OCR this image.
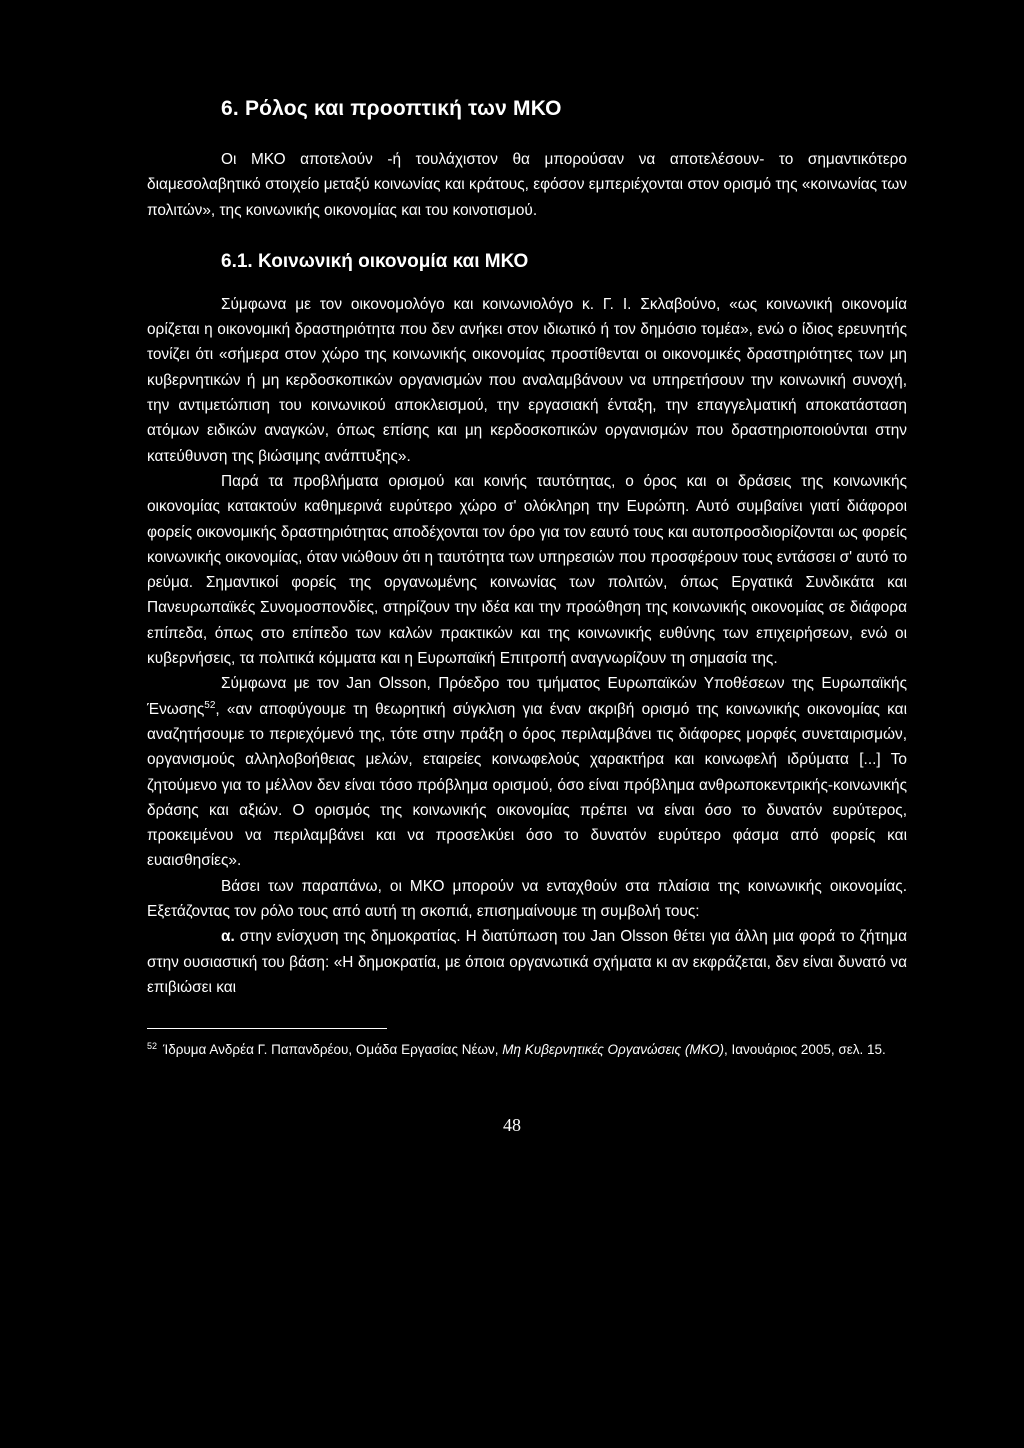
6. Ρόλος και προοπτική των ΜΚΟ

Οι ΜΚΟ αποτελούν -ή τουλάχιστον θα μπορούσαν να αποτελέσουν- το σημαντικότερο διαμεσολαβητικό στοιχείο μεταξύ κοινωνίας και κράτους, εφόσον εμπεριέχονται στον ορισμό της «κοινωνίας των πολιτών», της κοινωνικής οικονομίας και του κοινοτισμού.

6.1. Κοινωνική οικονομία και ΜΚΟ

Σύμφωνα με τον οικονομολόγο και κοινωνιολόγο κ. Γ. Ι. Σκλαβούνο, «ως κοινωνική οικονομία ορίζεται η οικονομική δραστηριότητα που δεν ανήκει στον ιδιωτικό ή τον δημόσιο τομέα», ενώ ο ίδιος ερευνητής τονίζει ότι «σήμερα στον χώρο της κοινωνικής οικονομίας προστίθενται οι οικονομικές δραστηριότητες των μη κυβερνητικών ή μη κερδοσκοπικών οργανισμών που αναλαμβάνουν να υπηρετήσουν την κοινωνική συνοχή, την αντιμετώπιση του κοινωνικού αποκλεισμού, την εργασιακή ένταξη, την επαγγελματική αποκατάσταση ατόμων ειδικών αναγκών, όπως επίσης και μη κερδοσκοπικών οργανισμών που δραστηριοποιούνται στην κατεύθυνση της βιώσιμης ανάπτυξης».

Παρά τα προβλήματα ορισμού και κοινής ταυτότητας, ο όρος και οι δράσεις της κοινωνικής οικονομίας κατακτούν καθημερινά ευρύτερο χώρο σ' ολόκληρη την Ευρώπη. Αυτό συμβαίνει γιατί διάφοροι φορείς οικονομικής δραστηριότητας αποδέχονται τον όρο για τον εαυτό τους και αυτοπροσδιορίζονται ως φορείς κοινωνικής οικονομίας, όταν νιώθουν ότι η ταυτότητα των υπηρεσιών που προσφέρουν τους εντάσσει σ' αυτό το ρεύμα. Σημαντικοί φορείς της οργανωμένης κοινωνίας των πολιτών, όπως Εργατικά Συνδικάτα και Πανευρωπαϊκές Συνομοσπονδίες, στηρίζουν την ιδέα και την προώθηση της κοινωνικής οικονομίας σε διάφορα επίπεδα, όπως στο επίπεδο των καλών πρακτικών και της κοινωνικής ευθύνης των επιχειρήσεων, ενώ οι κυβερνήσεις, τα πολιτικά κόμματα και η Ευρωπαϊκή Επιτροπή αναγνωρίζουν τη σημασία της.

Σύμφωνα με τον Jan Olsson, Πρόεδρο του τμήματος Ευρωπαϊκών Υποθέσεων της Ευρωπαϊκής Ένωσης$^{52}$, «αν αποφύγουμε τη θεωρητική σύγκλιση για έναν ακριβή ορισμό της κοινωνικής οικονομίας και αναζητήσουμε το περιεχόμενό της, τότε στην πράξη ο όρος περιλαμβάνει τις διάφορες μορφές συνεταιρισμών, οργανισμούς αλληλοβοήθειας μελών, εταιρείες κοινωφελούς χαρακτήρα και κοινωφελή ιδρύματα [...] Το ζητούμενο για το μέλλον δεν είναι τόσο πρόβλημα ορισμού, όσο είναι πρόβλημα ανθρωποκεντρικής-κοινωνικής δράσης και αξιών. Ο ορισμός της κοινωνικής οικονομίας πρέπει να είναι όσο το δυνατόν ευρύτερος, προκειμένου να περιλαμβάνει και να προσελκύει όσο το δυνατόν ευρύτερο φάσμα από φορείς και ευαισθησίες».

Βάσει των παραπάνω, οι ΜΚΟ μπορούν να ενταχθούν στα πλαίσια της κοινωνικής οικονομίας. Εξετάζοντας τον ρόλο τους από αυτή τη σκοπιά, επισημαίνουμε τη συμβολή τους:

α. στην ενίσχυση της δημοκρατίας. Η διατύπωση του Jan Olsson θέτει για άλλη μια φορά το ζήτημα στην ουσιαστική του βάση: «Η δημοκρατία, με όποια οργανωτικά σχήματα κι αν εκφράζεται, δεν είναι δυνατό να επιβιώσει και

$^{52}$ Ίδρυμα Ανδρέα Γ. Παπανδρέου, Ομάδα Εργασίας Νέων, Μη Κυβερνητικές Οργανώσεις (ΜΚΟ), Ιανουάριος 2005, σελ. 15.

48
